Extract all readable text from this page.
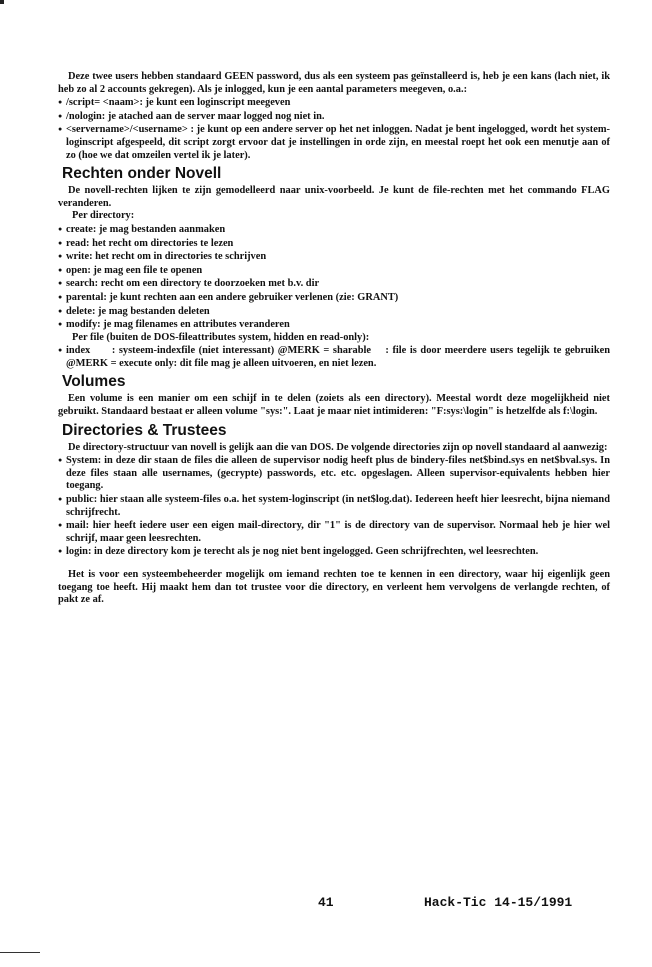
Deze twee users hebben standaard GEEN password, dus als een systeem pas geïnstalleerd is, heb je een kans (lach niet, ik heb zo al 2 accounts gekregen). Als je inlogged, kun je een aantal parameters meegeven, o.a.:

● /script= <naam>: je kunt een loginscript meegeven
● /nologin: je atached aan de server maar logged nog niet in.
● <servername>/<username> : je kunt op een andere server op het net inloggen. Nadat je bent ingelogged, wordt het system-loginscript afgespeeld, dit script zorgt ervoor dat je instellingen in orde zijn, en meestal roept het ook een menutje aan of zo (hoe we dat omzeilen vertel ik je later).
Rechten onder Novell

De novell-rechten lijken te zijn gemodelleerd naar unix-voorbeeld. Je kunt de file-rechten met het commando FLAG veranderen.

Per directory:

● create: je mag bestanden aanmaken
● read: het recht om directories te lezen
● write: het recht om in directories te schrijven
● open: je mag een file te openen
● search: recht om een directory te doorzoeken met b.v. dir
● parental: je kunt rechten aan een andere gebruiker verlenen (zie: GRANT)
● delete: je mag bestanden deleten
● modify: je mag filenames en attributes veranderen

Per file (buiten de DOS-fileattributes system, hidden en read-only):

● index      : systeem-indexfile (niet interessant) @MERK = sharable    : file is door meerdere users tegelijk te gebruiken @MERK = execute only: dit file mag je alleen uitvoeren, en niet lezen.
Volumes

Een volume is een manier om een schijf in te delen (zoiets als een directory). Meestal wordt deze mogelijkheid niet gebruikt. Standaard bestaat er alleen volume "sys:". Laat je maar niet intimideren: "F:sys:\login" is hetzelfde als f:\login.

Directories & Trustees

De directory-structuur van novell is gelijk aan die van DOS. De volgende directories zijn op novell standaard al aanwezig:

● System: in deze dir staan de files die alleen de supervisor nodig heeft plus de bindery-files net$bind.sys en net$bval.sys. In deze files staan alle usernames, (gecrypte) passwords, etc. etc. opgeslagen. Alleen supervisor-equivalents hebben hier toegang.
● public: hier staan alle systeem-files o.a. het system-loginscript (in net$log.dat). Iedereen heeft hier leesrecht, bijna niemand schrijfrecht.
● mail: hier heeft iedere user een eigen mail-directory, dir "1" is de directory van de supervisor. Normaal heb je hier wel schrijf, maar geen leesrechten.
● login: in deze directory kom je terecht als je nog niet bent ingelogged. Geen schrijfrechten, wel leesrechten.

Het is voor een systeembeheerder mogelijk om iemand rechten toe te kennen in een directory, waar hij eigenlijk geen toegang toe heeft. Hij maakt hem dan tot trustee voor die directory, en verleent hem vervolgens de verlangde rechten, of pakt ze af.

41	Hack-Tic 14-15/1991
